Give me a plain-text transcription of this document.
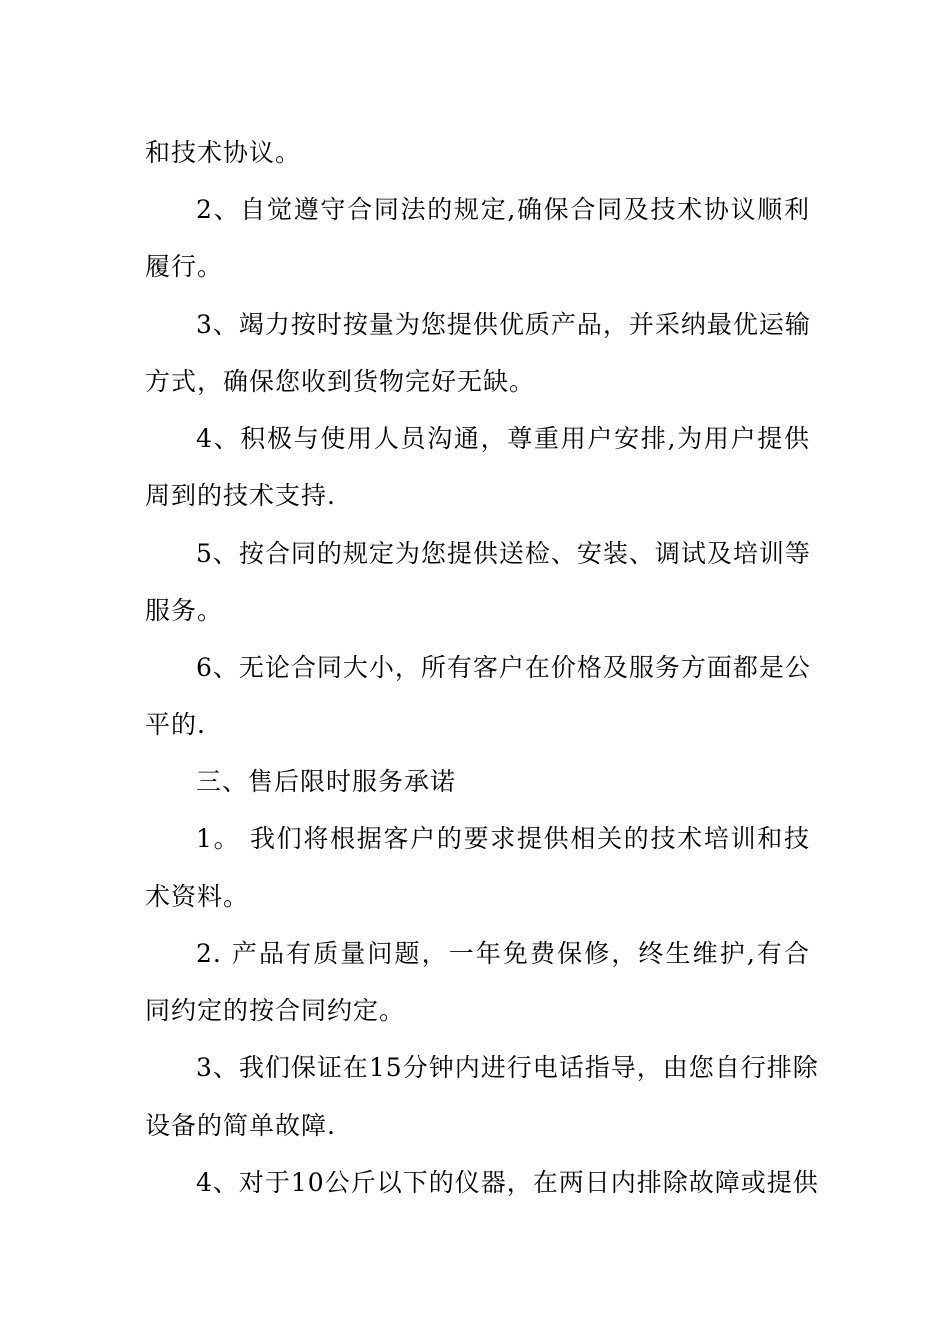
和技术协议。
2、自觉遵守合同法的规定,确保合同及技术协议顺利
履行。
3、竭力按时按量为您提供优质产品，并采纳最优运输
方式，确保您收到货物完好无缺。
4、积极与使用人员沟通，尊重用户安排,为用户提供
周到的技术支持.
5、按合同的规定为您提供送检、安装、调试及培训等
服务。
6、无论合同大小，所有客户在价格及服务方面都是公
平的.
三、售后限时服务承诺
1。 我们将根据客户的要求提供相关的技术培训和技
术资料。
2. 产品有质量问题，一年免费保修，终生维护,有合
同约定的按合同约定。
3、我们保证在15分钟内进行电话指导，由您自行排除
设备的简单故障.
4、对于10公斤以下的仪器，在两日内排除故障或提供
